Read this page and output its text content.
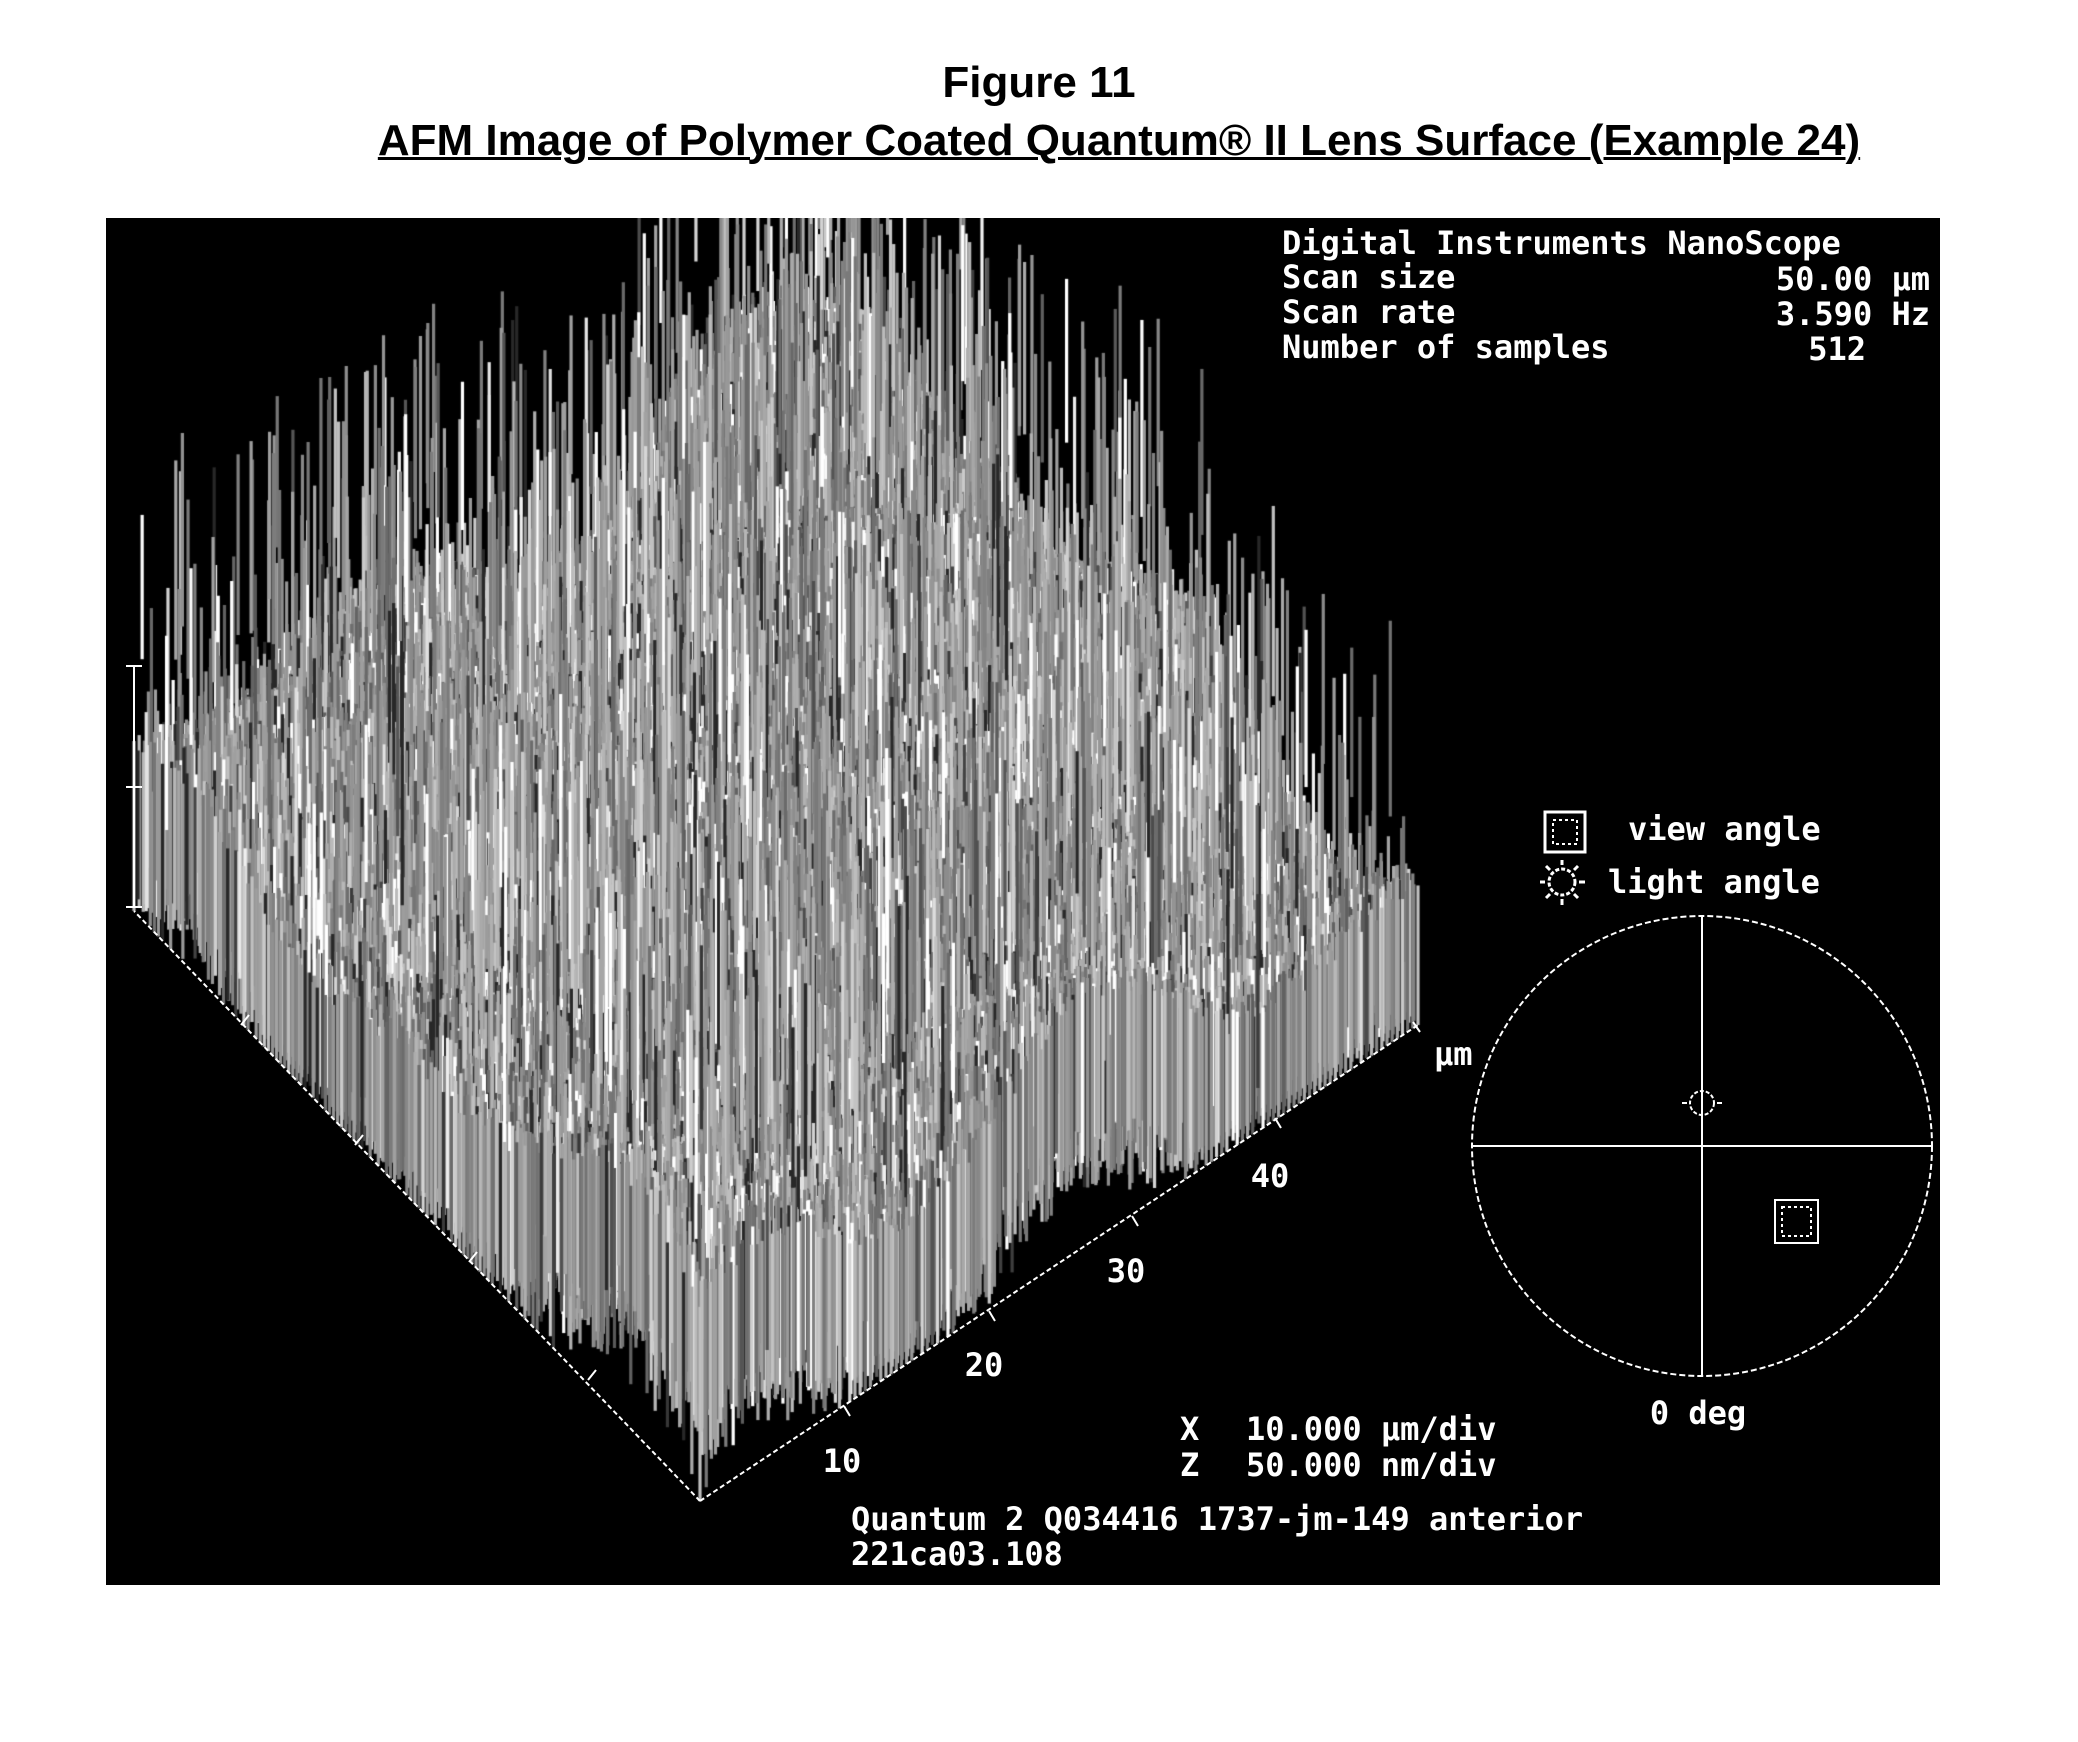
Figure 11
AFM Image of Polymer Coated Quantum® II Lens Surface (Example 24)
Digital Instruments NanoScope
Scan size	50.00 μm
Scan rate	3.590 Hz
Number of samples	512
view angle
light angle
0 deg
μm
10
20
30
40
X 10.000 μm/div
Z 50.000 nm/div
Quantum 2 Q034416 1737-jm-149 anterior
221ca03.108
